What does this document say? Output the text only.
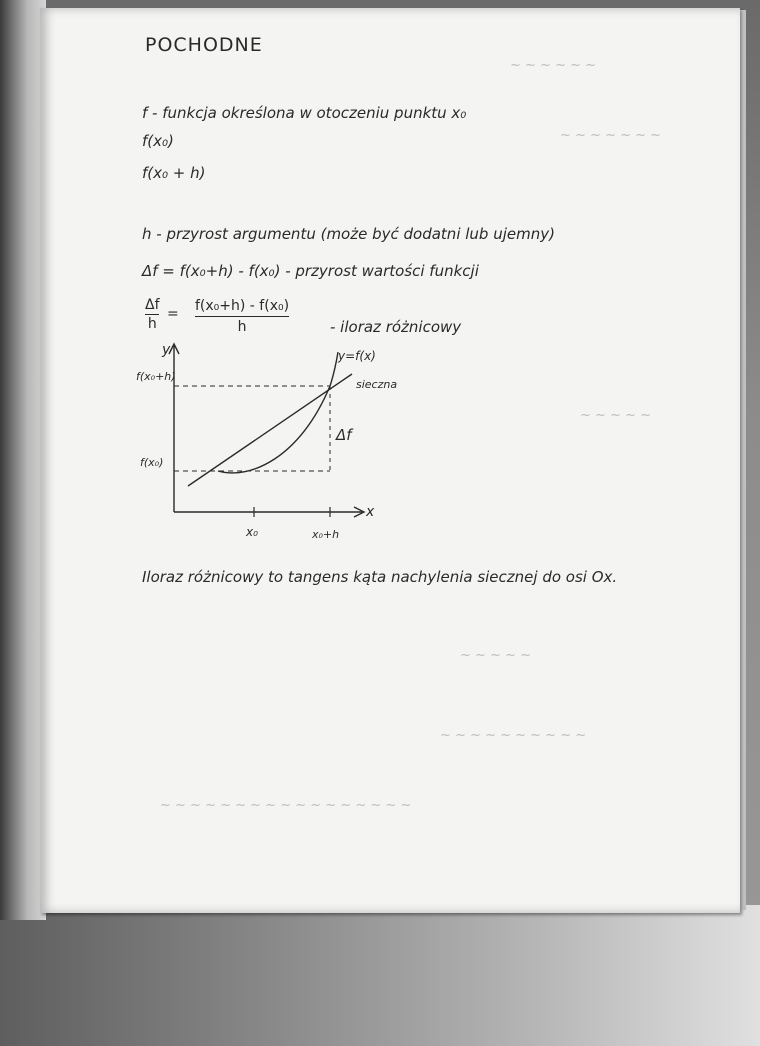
~ ~ ~ ~ ~ ~
~ ~ ~ ~ ~ ~ ~
~ ~ ~ ~ ~
~ ~ ~ ~ ~
~ ~ ~ ~ ~ ~ ~ ~ ~ ~
~ ~ ~ ~ ~ ~ ~ ~ ~ ~ ~ ~ ~ ~ ~ ~ ~
POCHODNE
f - funkcja określona w otoczeniu punktu x₀
f(x₀)
f(x₀ + h)
h - przyrost argumentu (może być dodatni lub ujemny)
Δf = f(x₀+h) - f(x₀) - przyrost wartości funkcji
Δf
h
= f(x₀+h) - f(x₀)
h	- iloraz różnicowy
y
x
f(x₀+h)
f(x₀)
y=f(x)
sieczna
Δf
x₀	x₀+h
Iloraz różnicowy to tangens kąta nachylenia siecznej do osi Ox.
